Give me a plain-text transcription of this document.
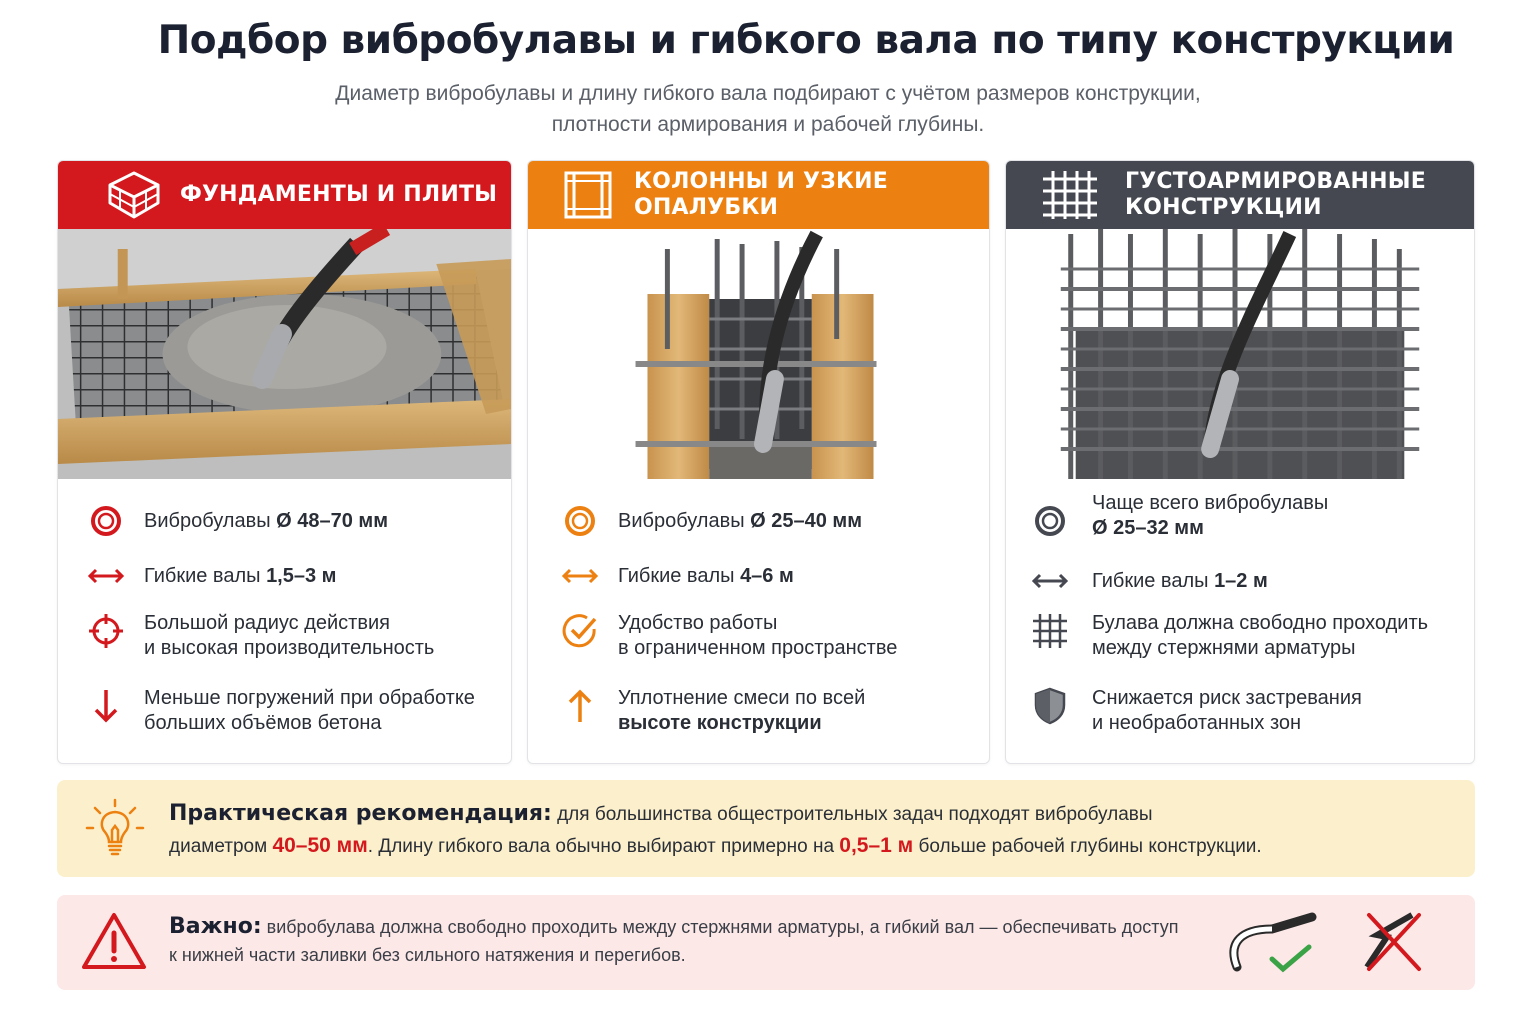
Подбор вибробулавы и гибкого вала по типу конструкции
Диаметр вибробулавы и длину гибкого вала подбирают с учётом размеров конструкции,
плотности армирования и рабочей глубины.
ФУНДАМЕНТЫ И ПЛИТЫ
Вибробулавы Ø 48–70 мм
Гибкие валы 1,5–3 м
Большой радиус действия
и высокая производительность
Меньше погружений при обработке
больших объёмов бетона
КОЛОННЫ И УЗКИЕ ОПАЛУБКИ
Вибробулавы Ø 25–40 мм
Гибкие валы 4–6 м
Удобство работы
в ограниченном пространстве
Уплотнение смеси по всей
высоте конструкции
ГУСТОАРМИРОВАННЫЕ
КОНСТРУКЦИИ
Чаще всего вибробулавы
Ø 25–32 мм
Гибкие валы 1–2 м
Булава должна свободно проходить
между стержнями арматуры
Снижается риск застревания
и необработанных зон
Практическая рекомендация: для большинства общестроительных задач подходят вибробулавы
диаметром 40–50 мм. Длину гибкого вала обычно выбирают примерно на 0,5–1 м больше рабочей глубины конструкции.
Важно: вибробулава должна свободно проходить между стержнями арматуры, а гибкий вал — обеспечивать доступ
к нижней части заливки без сильного натяжения и перегибов.
